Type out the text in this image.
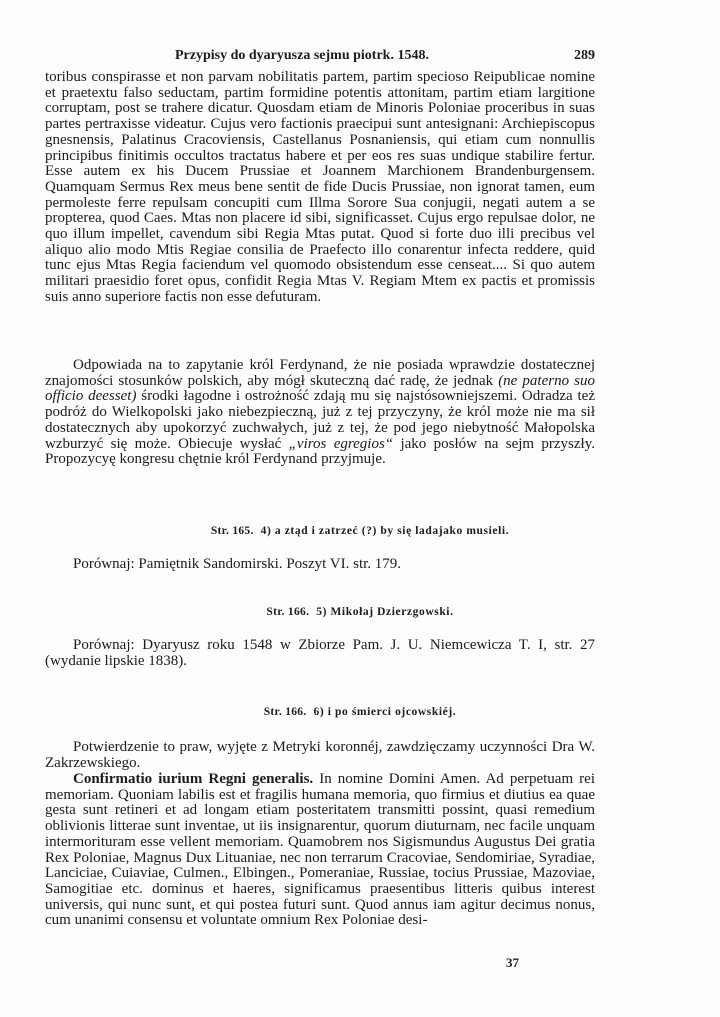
Przypisy do dyaryusza sejmu piotrk. 1548.	289

toribus conspirasse et non parvam nobilitatis partem, partim specioso Reipublicae nomine et praetextu falso seductam, partim formidine potentis attonitam, partim etiam largitione corruptam, post se trahere dicatur. Quosdam etiam de Minoris Poloniae proceribus in suas partes pertraxisse videatur. Cujus vero factionis praecipui sunt antesignani: Archiepiscopus gnesnensis, Palatinus Cracoviensis, Castellanus Posnaniensis, qui etiam cum nonnullis principibus finitimis occultos tractatus habere et per eos res suas undique stabilire fertur. Esse autem ex his Ducem Prussiae et Joannem Marchionem Brandenburgensem. Quamquam Sermus Rex meus bene sentit de fide Ducis Prussiae, non ignorat tamen, eum permoleste ferre repulsam concupiti cum Illma Sorore Sua conjugii, negati autem a se propterea, quod Caes. Mtas non placere id sibi, significasset. Cujus ergo repulsae dolor, ne quo illum impellet, cavendum sibi Regia Mtas putat. Quod si forte duo illi precibus vel aliquo alio modo Mtis Regiae consilia de Praefecto illo conarentur infecta reddere, quid tunc ejus Mtas Regia faciendum vel quomodo obsistendum esse censeat.... Si quo autem militari praesidio foret opus, confidit Regia Mtas V. Regiam Mtem ex pactis et promissis suis anno superiore factis non esse defuturam.

Odpowiada na to zapytanie król Ferdynand, że nie posiada wprawdzie dostatecznej znajomości stosunków polskich, aby mógł skuteczną dać radę, że jednak (ne paterno suo officio deesset) środki łagodne i ostrożność zdają mu się najstósowniejszemi. Odradza też podróż do Wielkopolski jako niebezpieczną, już z tej przyczyny, że król może nie ma sił dostatecznych aby upokorzyć zuchwałych, już z tej, że pod jego niebytność Małopolska wzburzyć się może. Obiecuje wysłać „viros egregios“ jako posłów na sejm przyszły. Propozycyę kongresu chętnie król Ferdynand przyjmuje.

Str. 165. 4) a ztąd i zatrzeć (?) by się ladajako musieli.

Porównaj: Pamiętnik Sandomirski. Poszyt VI. str. 179.

Str. 166. 5) Mikołaj Dzierzgowski.

Porównaj: Dyaryusz roku 1548 w Zbiorze Pam. J. U. Niemcewicza T. I, str. 27 (wydanie lipskie 1838).

Str. 166. 6) i po śmierci ojcowskiéj.

Potwierdzenie to praw, wyjęte z Metryki koronnéj, zawdzięczamy uczynności Dra W. Zakrzewskiego.

Confirmatio iurium Regni generalis. In nomine Domini Amen. Ad perpetuam rei memoriam. Quoniam labilis est et fragilis humana memoria, quo firmius et diutius ea quae gesta sunt retineri et ad longam etiam posteritatem transmitti possint, quasi remedium oblivionis litterae sunt inventae, ut iis insignarentur, quorum diuturnam, nec facile unquam intermorituram esse vellent memoriam. Quamobrem nos Sigismundus Augustus Dei gratia Rex Poloniae, Magnus Dux Lituaniae, nec non terrarum Cracoviae, Sendomiriae, Syradiae, Lanciciae, Cuiaviae, Culmen., Elbingen., Pomeraniae, Russiae, tocius Prussiae, Mazoviae, Samogitiae etc. dominus et haeres, significamus praesentibus litteris quibus interest universis, qui nunc sunt, et qui postea futuri sunt. Quod annus iam agitur decimus nonus, cum unanimi consensu et voluntate omnium Rex Poloniae desi-

37
